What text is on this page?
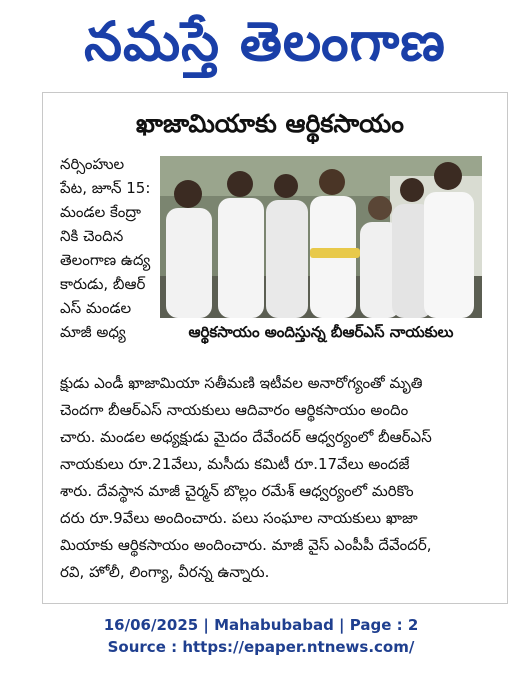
నమస్తే తెలంగాణ
ఖాజామియాకు ఆర్థికసాయం
నర్సింహుల
పేట, జూన్ 15:
మండల కేంద్రా
నికి చెందిన
తెలంగాణ ఉద్య
కారుడు, బీఆర్
ఎస్ మండల
మాజీ అధ్య	ఆర్థికసాయం అందిస్తున్న బీఆర్ఎస్ నాయకులు
క్షుడు ఎండీ ఖాజామియా సతీమణి ఇటీవల అనారోగ్యంతో మృతి
చెందగా బీఆర్ఎస్ నాయకులు ఆదివారం ఆర్థికసాయం అందిం
చారు. మండల అధ్యక్షుడు మైదం దేవేందర్ ఆధ్వర్యంలో బీఆర్ఎస్
నాయకులు రూ.21వేలు, మసీదు కమిటీ రూ.17వేలు అందజే
శారు. దేవస్థాన మాజీ చైర్మన్ బొల్లం రమేశ్ ఆధ్వర్యంలో మరికొం
దరు రూ.9వేలు అందించారు. పలు సంఘాల నాయకులు ఖాజా
మియాకు ఆర్థికసాయం అందించారు. మాజీ వైస్ ఎంపీపీ దేవేందర్,
రవి, హోలీ, లింగ్యా, వీరన్న ఉన్నారు.
16/06/2025 | Mahabubabad | Page : 2
Source : https://epaper.ntnews.com/
